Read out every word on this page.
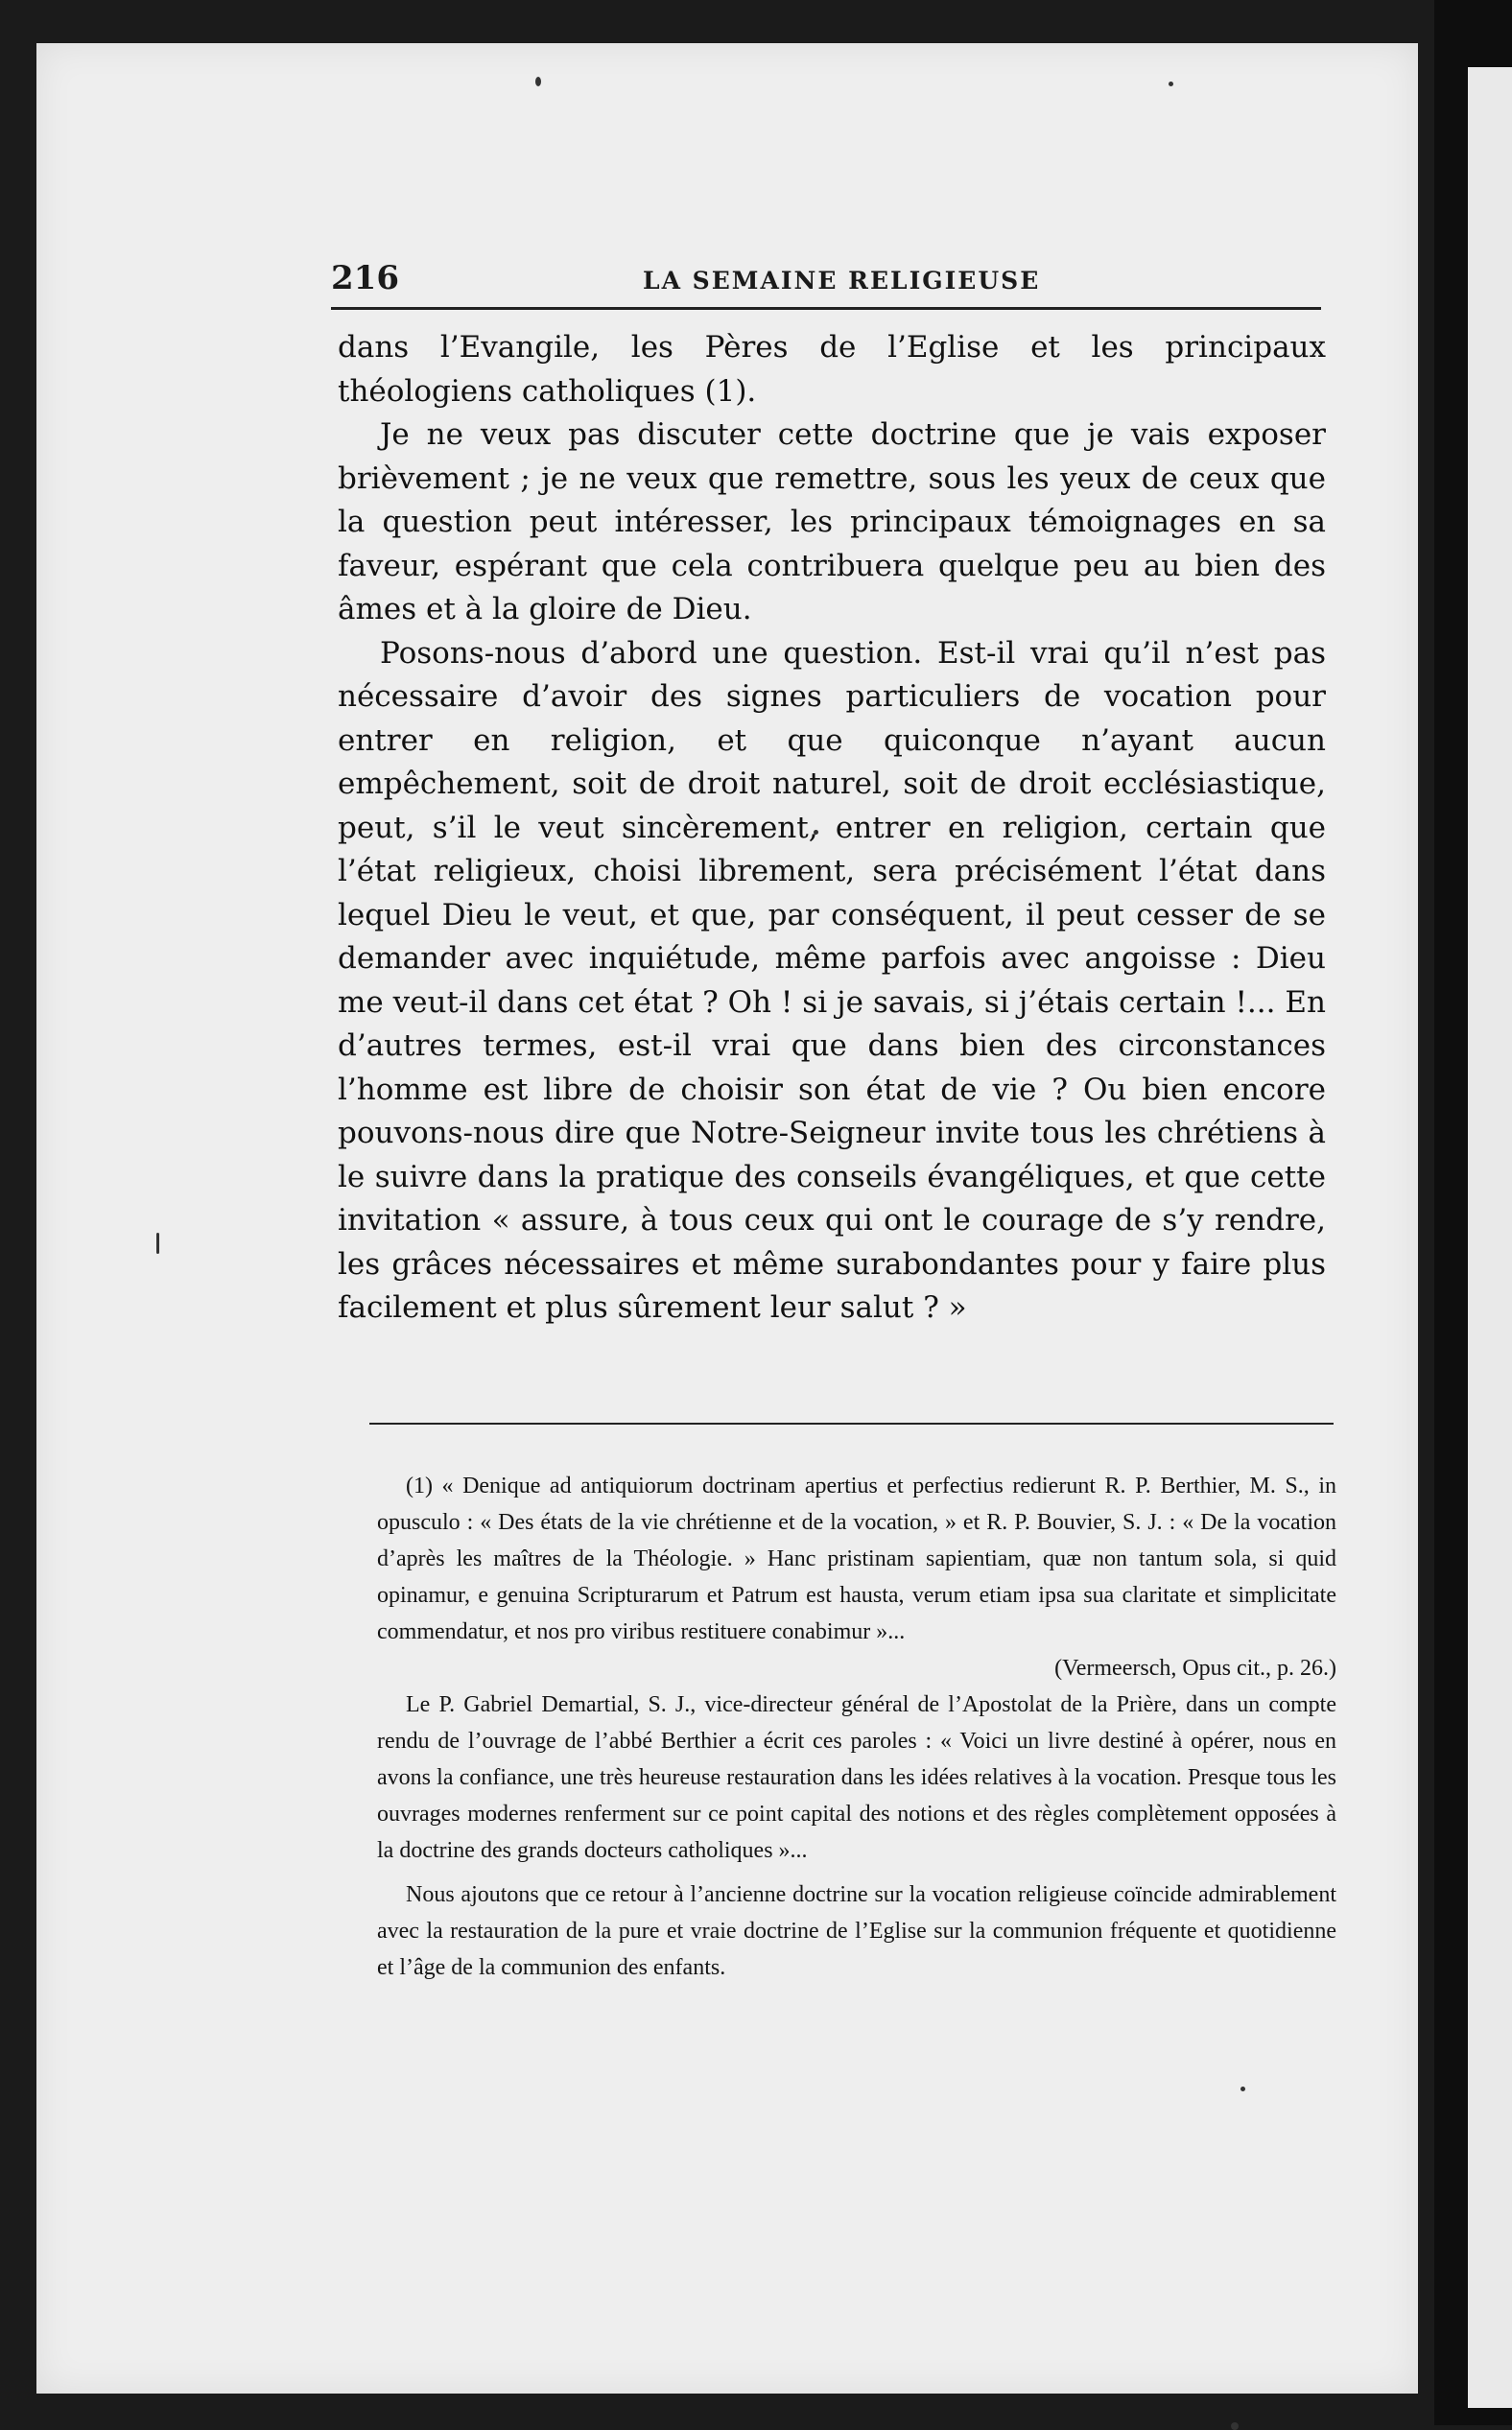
216	LA SEMAINE RELIGIEUSE

dans l’Evangile, les Pères de l’Eglise et les principaux théologiens catholiques (1).

Je ne veux pas discuter cette doctrine que je vais exposer brièvement ; je ne veux que remettre, sous les yeux de ceux que la question peut intéresser, les principaux témoignages en sa faveur, espérant que cela contribuera quelque peu au bien des âmes et à la gloire de Dieu.

Posons-nous d’abord une question. Est-il vrai qu’il n’est pas nécessaire d’avoir des signes particuliers de vocation pour entrer en religion, et que quiconque n’ayant aucun empêchement, soit de droit naturel, soit de droit ecclésiastique, peut, s’il le veut sincèrement, entrer en religion, certain que l’état religieux, choisi librement, sera précisément l’état dans lequel Dieu le veut, et que, par conséquent, il peut cesser de se demander avec inquiétude, même parfois avec angoisse : Dieu me veut-il dans cet état ? Oh ! si je savais, si j’étais certain !... En d’autres termes, est-il vrai que dans bien des circonstances l’homme est libre de choisir son état de vie ? Ou bien encore pouvons-nous dire que Notre-Seigneur invite tous les chrétiens à le suivre dans la pratique des conseils évangéliques, et que cette invitation « assure, à tous ceux qui ont le courage de s’y rendre, les grâces nécessaires et même surabondantes pour y faire plus facilement et plus sûrement leur salut ? »

(1) « Denique ad antiquiorum doctrinam apertius et perfectius redierunt R. P. Berthier, M. S., in opusculo : « Des états de la vie chrétienne et de la vocation, » et R. P. Bouvier, S. J. : « De la vocation d’après les maîtres de la Théologie. » Hanc pristinam sapientiam, quæ non tantum sola, si quid opinamur, e genuina Scripturarum et Patrum est hausta, verum etiam ipsa sua claritate et simplicitate commendatur, et nos pro viribus restituere conabimur »...

(Vermeersch, Opus cit., p. 26.)

Le P. Gabriel Demartial, S. J., vice-directeur général de l’Apostolat de la Prière, dans un compte rendu de l’ouvrage de l’abbé Berthier a écrit ces paroles : « Voici un livre destiné à opérer, nous en avons la confiance, une très heureuse restauration dans les idées relatives à la vocation. Presque tous les ouvrages modernes renferment sur ce point capital des notions et des règles complètement opposées à la doctrine des grands docteurs catholiques »...

Nous ajoutons que ce retour à l’ancienne doctrine sur la vocation religieuse coïncide admirablement avec la restauration de la pure et vraie doctrine de l’Eglise sur la communion fréquente et quotidienne et l’âge de la communion des enfants.
